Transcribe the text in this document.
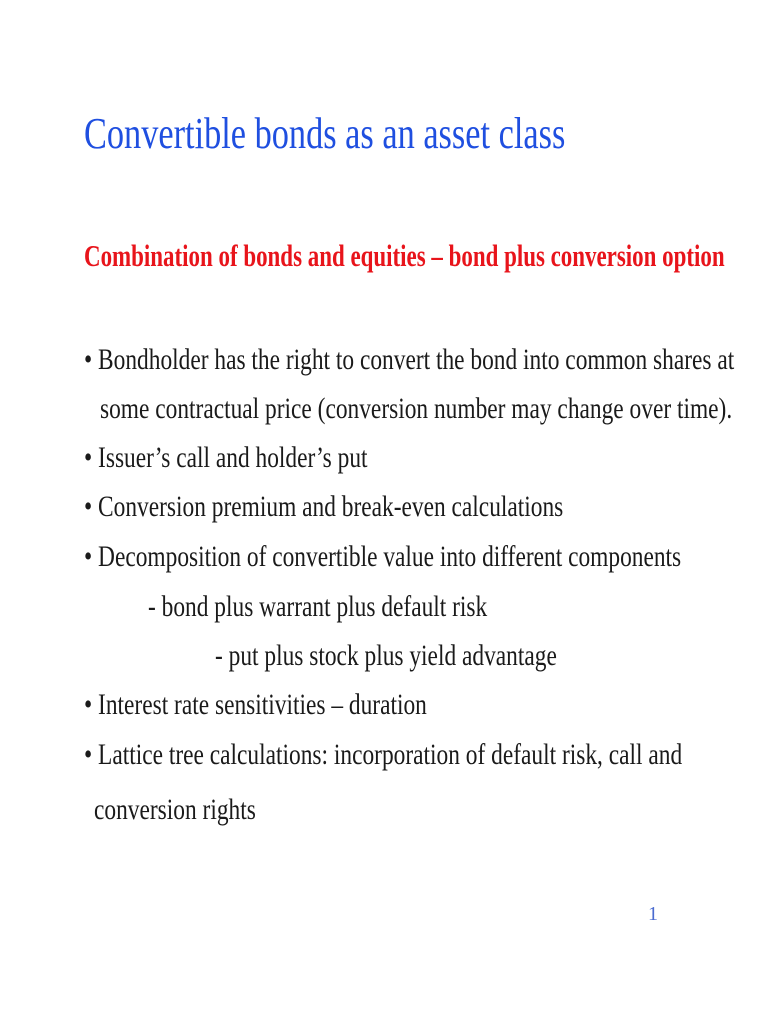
Convertible bonds as an asset class
Combination of bonds and equities – bond plus conversion option
• Bondholder has the right to convert the bond into common shares at
some contractual price (conversion number may change over time).
• Issuer’s call and holder’s put
• Conversion premium and break-even calculations
• Decomposition of convertible value into different components
- bond plus warrant plus default risk
- put plus stock plus yield advantage
• Interest rate sensitivities – duration
• Lattice tree calculations: incorporation of default risk, call and
conversion rights
1
